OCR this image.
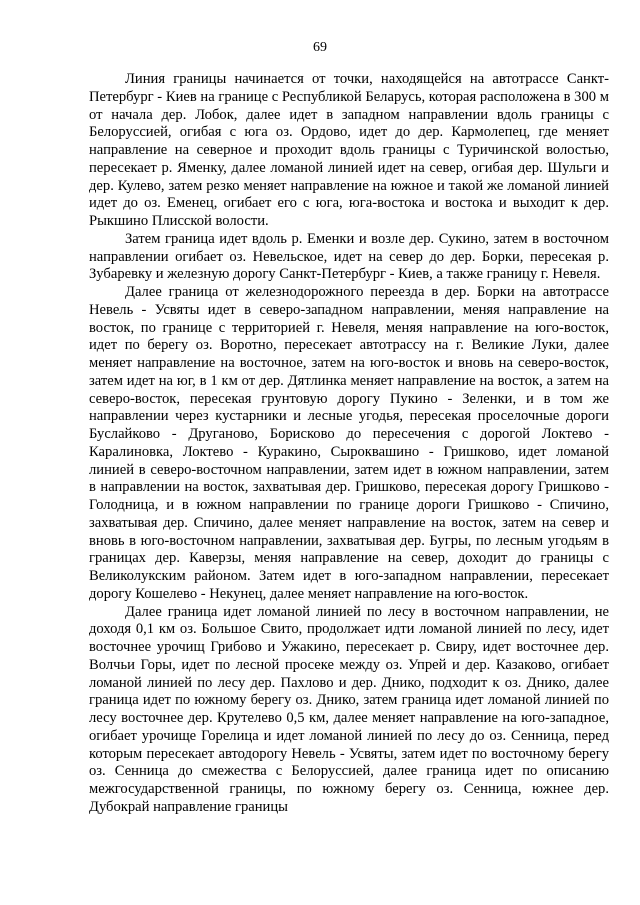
69

Линия границы начинается от точки, находящейся на автотрассе Санкт-Петербург - Киев на границе с Республикой Беларусь, которая расположена в 300 м от начала дер. Лобок, далее идет в западном направлении вдоль границы с Белоруссией, огибая с юга оз. Ордово, идет до дер. Кармолепец, где меняет направление на северное и проходит вдоль границы с Туричинской волостью, пересекает р. Яменку, далее ломаной линией идет на север, огибая дер. Шульги и дер. Кулево, затем резко меняет направление на южное и такой же ломаной линией идет до оз. Еменец, огибает его с юга, юга-востока и востока и выходит к дер. Рыкшино Плисской волости.

Затем граница идет вдоль р. Еменки и возле дер. Сукино, затем в восточном направлении огибает оз. Невельское, идет на север до дер. Борки, пересекая р. Зубаревку и железную дорогу Санкт-Петербург - Киев, а также границу г. Невеля.

Далее граница от железнодорожного переезда в дер. Борки на автотрассе Невель - Усвяты идет в северо-западном направлении, меняя направление на восток, по границе с территорией г. Невеля, меняя направление на юго-восток, идет по берегу оз. Воротно, пересекает автотрассу на г. Великие Луки, далее меняет направление на восточное, затем на юго-восток и вновь на северо-восток, затем идет на юг, в 1 км от дер. Дятлинка меняет направление на восток, а затем на северо-восток, пересекая грунтовую дорогу Пукино - Зеленки, и в том же направлении через кустарники и лесные угодья, пересекая проселочные дороги Буслайково - Друганово, Борисково до пересечения с дорогой Локтево - Каралиновка, Локтево - Куракино, Сыроквашино - Гришково, идет ломаной линией в северо-восточном направлении, затем идет в южном направлении, затем в направлении на восток, захватывая дер. Гришково, пересекая дорогу Гришково - Голодница, и в южном направлении по границе дороги Гришково - Спичино, захватывая дер. Спичино, далее меняет направление на восток, затем на север и вновь в юго-восточном направлении, захватывая дер. Бугры, по лесным угодьям в границах дер. Каверзы, меняя направление на север, доходит до границы с Великолукским районом. Затем идет в юго-западном направлении, пересекает дорогу Кошелево - Некунец, далее меняет направление на юго-восток.

Далее граница идет ломаной линией по лесу в восточном направлении, не доходя 0,1 км оз. Большое Свито, продолжает идти ломаной линией по лесу, идет восточнее урочищ Грибово и Ужакино, пересекает р. Свиру, идет восточнее дер. Волчьи Горы, идет по лесной просеке между оз. Упрей и дер. Казаково, огибает ломаной линией по лесу дер. Пахлово и дер. Днико, подходит к оз. Днико, далее граница идет по южному берегу оз. Днико, затем граница идет ломаной линией по лесу восточнее дер. Крутелево 0,5 км, далее меняет направление на юго-западное, огибает урочище Горелица и идет ломаной линией по лесу до оз. Сенница, перед которым пересекает автодорогу Невель - Усвяты, затем идет по восточному берегу оз. Сенница до смежества с Белоруссией, далее граница идет по описанию межгосударственной границы, по южному берегу оз. Сенница, южнее дер. Дубокрай направление границы
